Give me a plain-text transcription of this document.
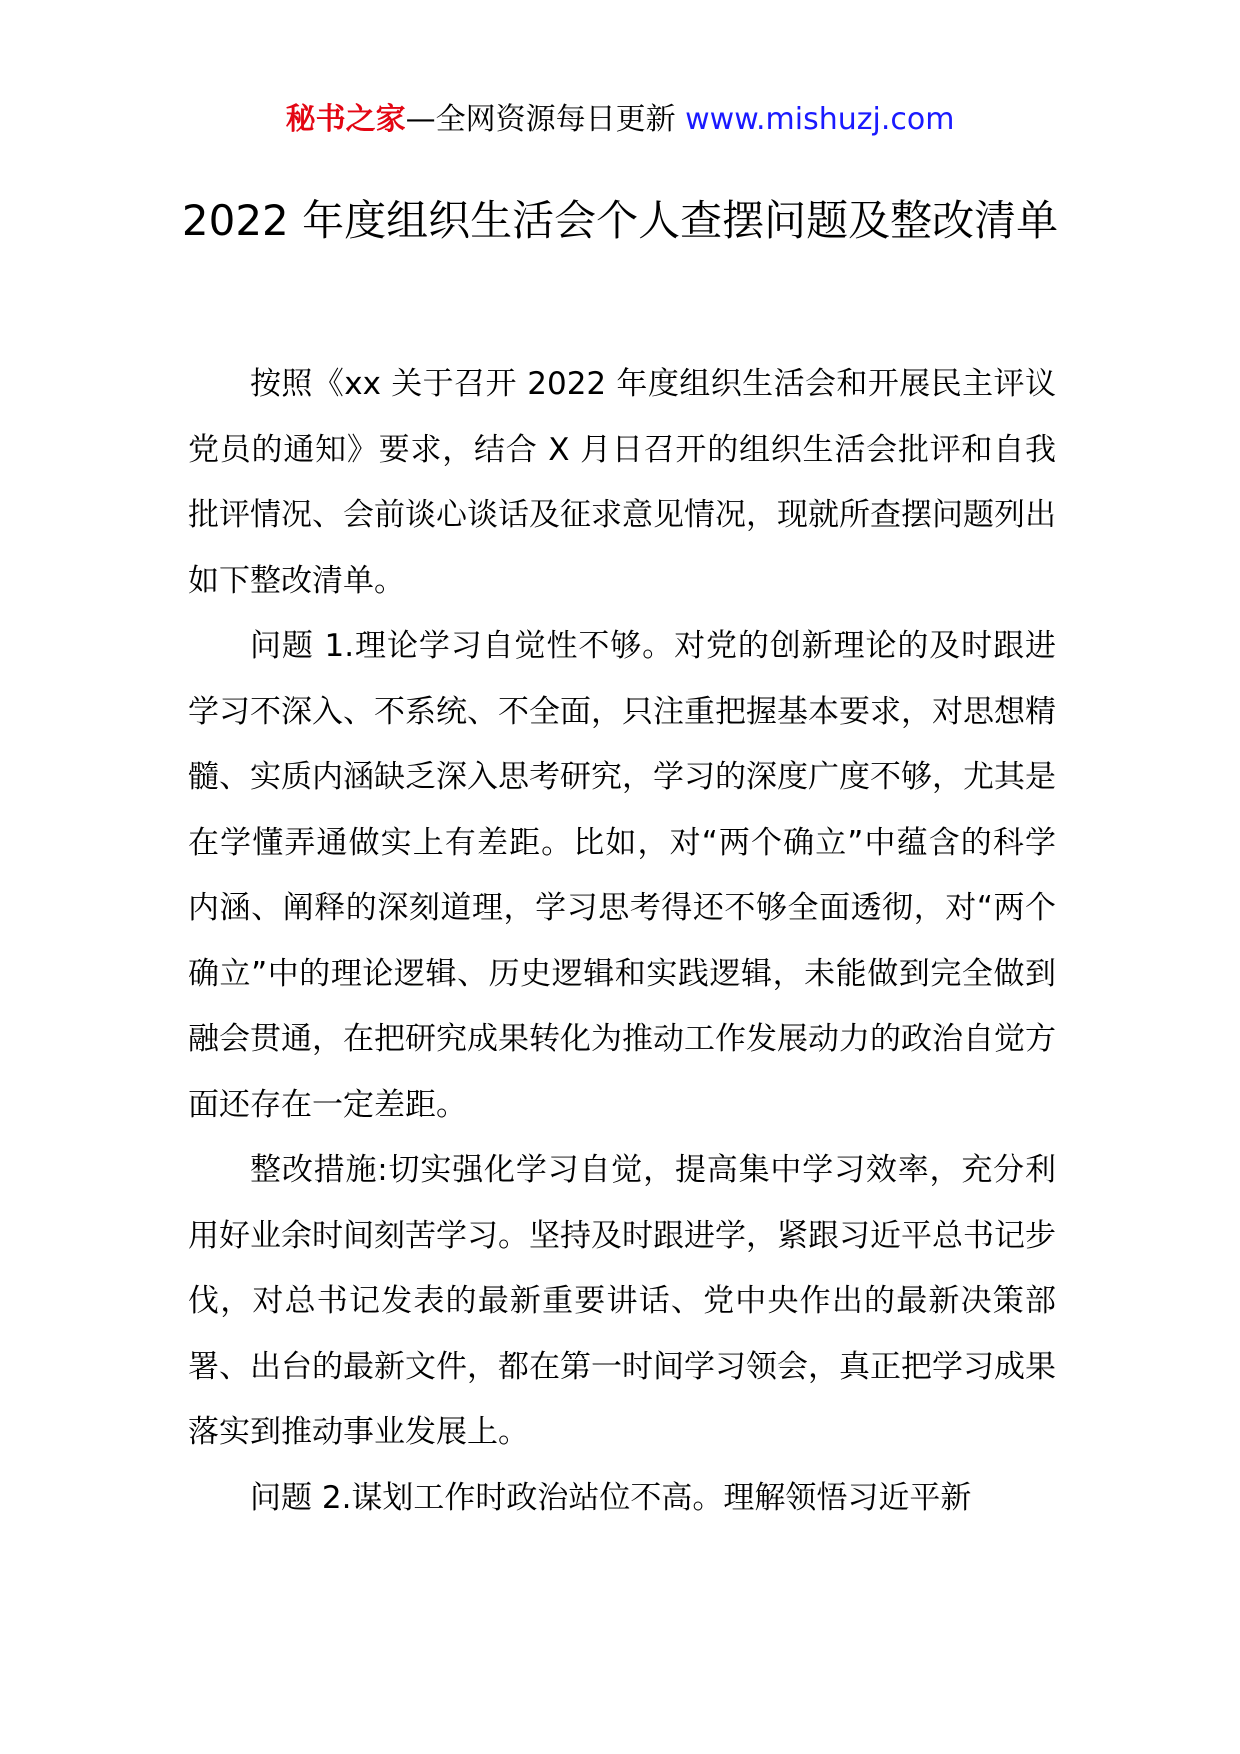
秘书之家—全网资源每日更新 www.mishuzj.com
2022 年度组织生活会个人查摆问题及整改清单

按照《xx 关于召开 2022 年度组织生活会和开展民主评议党员的通知》要求，结合 X 月日召开的组织生活会批评和自我批评情况、会前谈心谈话及征求意见情况，现就所查摆问题列出如下整改清单。

问题 1.理论学习自觉性不够。对党的创新理论的及时跟进学习不深入、不系统、不全面，只注重把握基本要求，对思想精髓、实质内涵缺乏深入思考研究，学习的深度广度不够，尤其是在学懂弄通做实上有差距。比如，对“两个确立”中蕴含的科学内涵、阐释的深刻道理，学习思考得还不够全面透彻，对“两个确立”中的理论逻辑、历史逻辑和实践逻辑，未能做到完全做到融会贯通，在把研究成果转化为推动工作发展动力的政治自觉方面还存在一定差距。

整改措施:切实强化学习自觉，提高集中学习效率，充分利用好业余时间刻苦学习。坚持及时跟进学，紧跟习近平总书记步伐，对总书记发表的最新重要讲话、党中央作出的最新决策部署、出台的最新文件，都在第一时间学习领会，真正把学习成果落实到推动事业发展上。

问题 2.谋划工作时政治站位不高。理解领悟习近平新
